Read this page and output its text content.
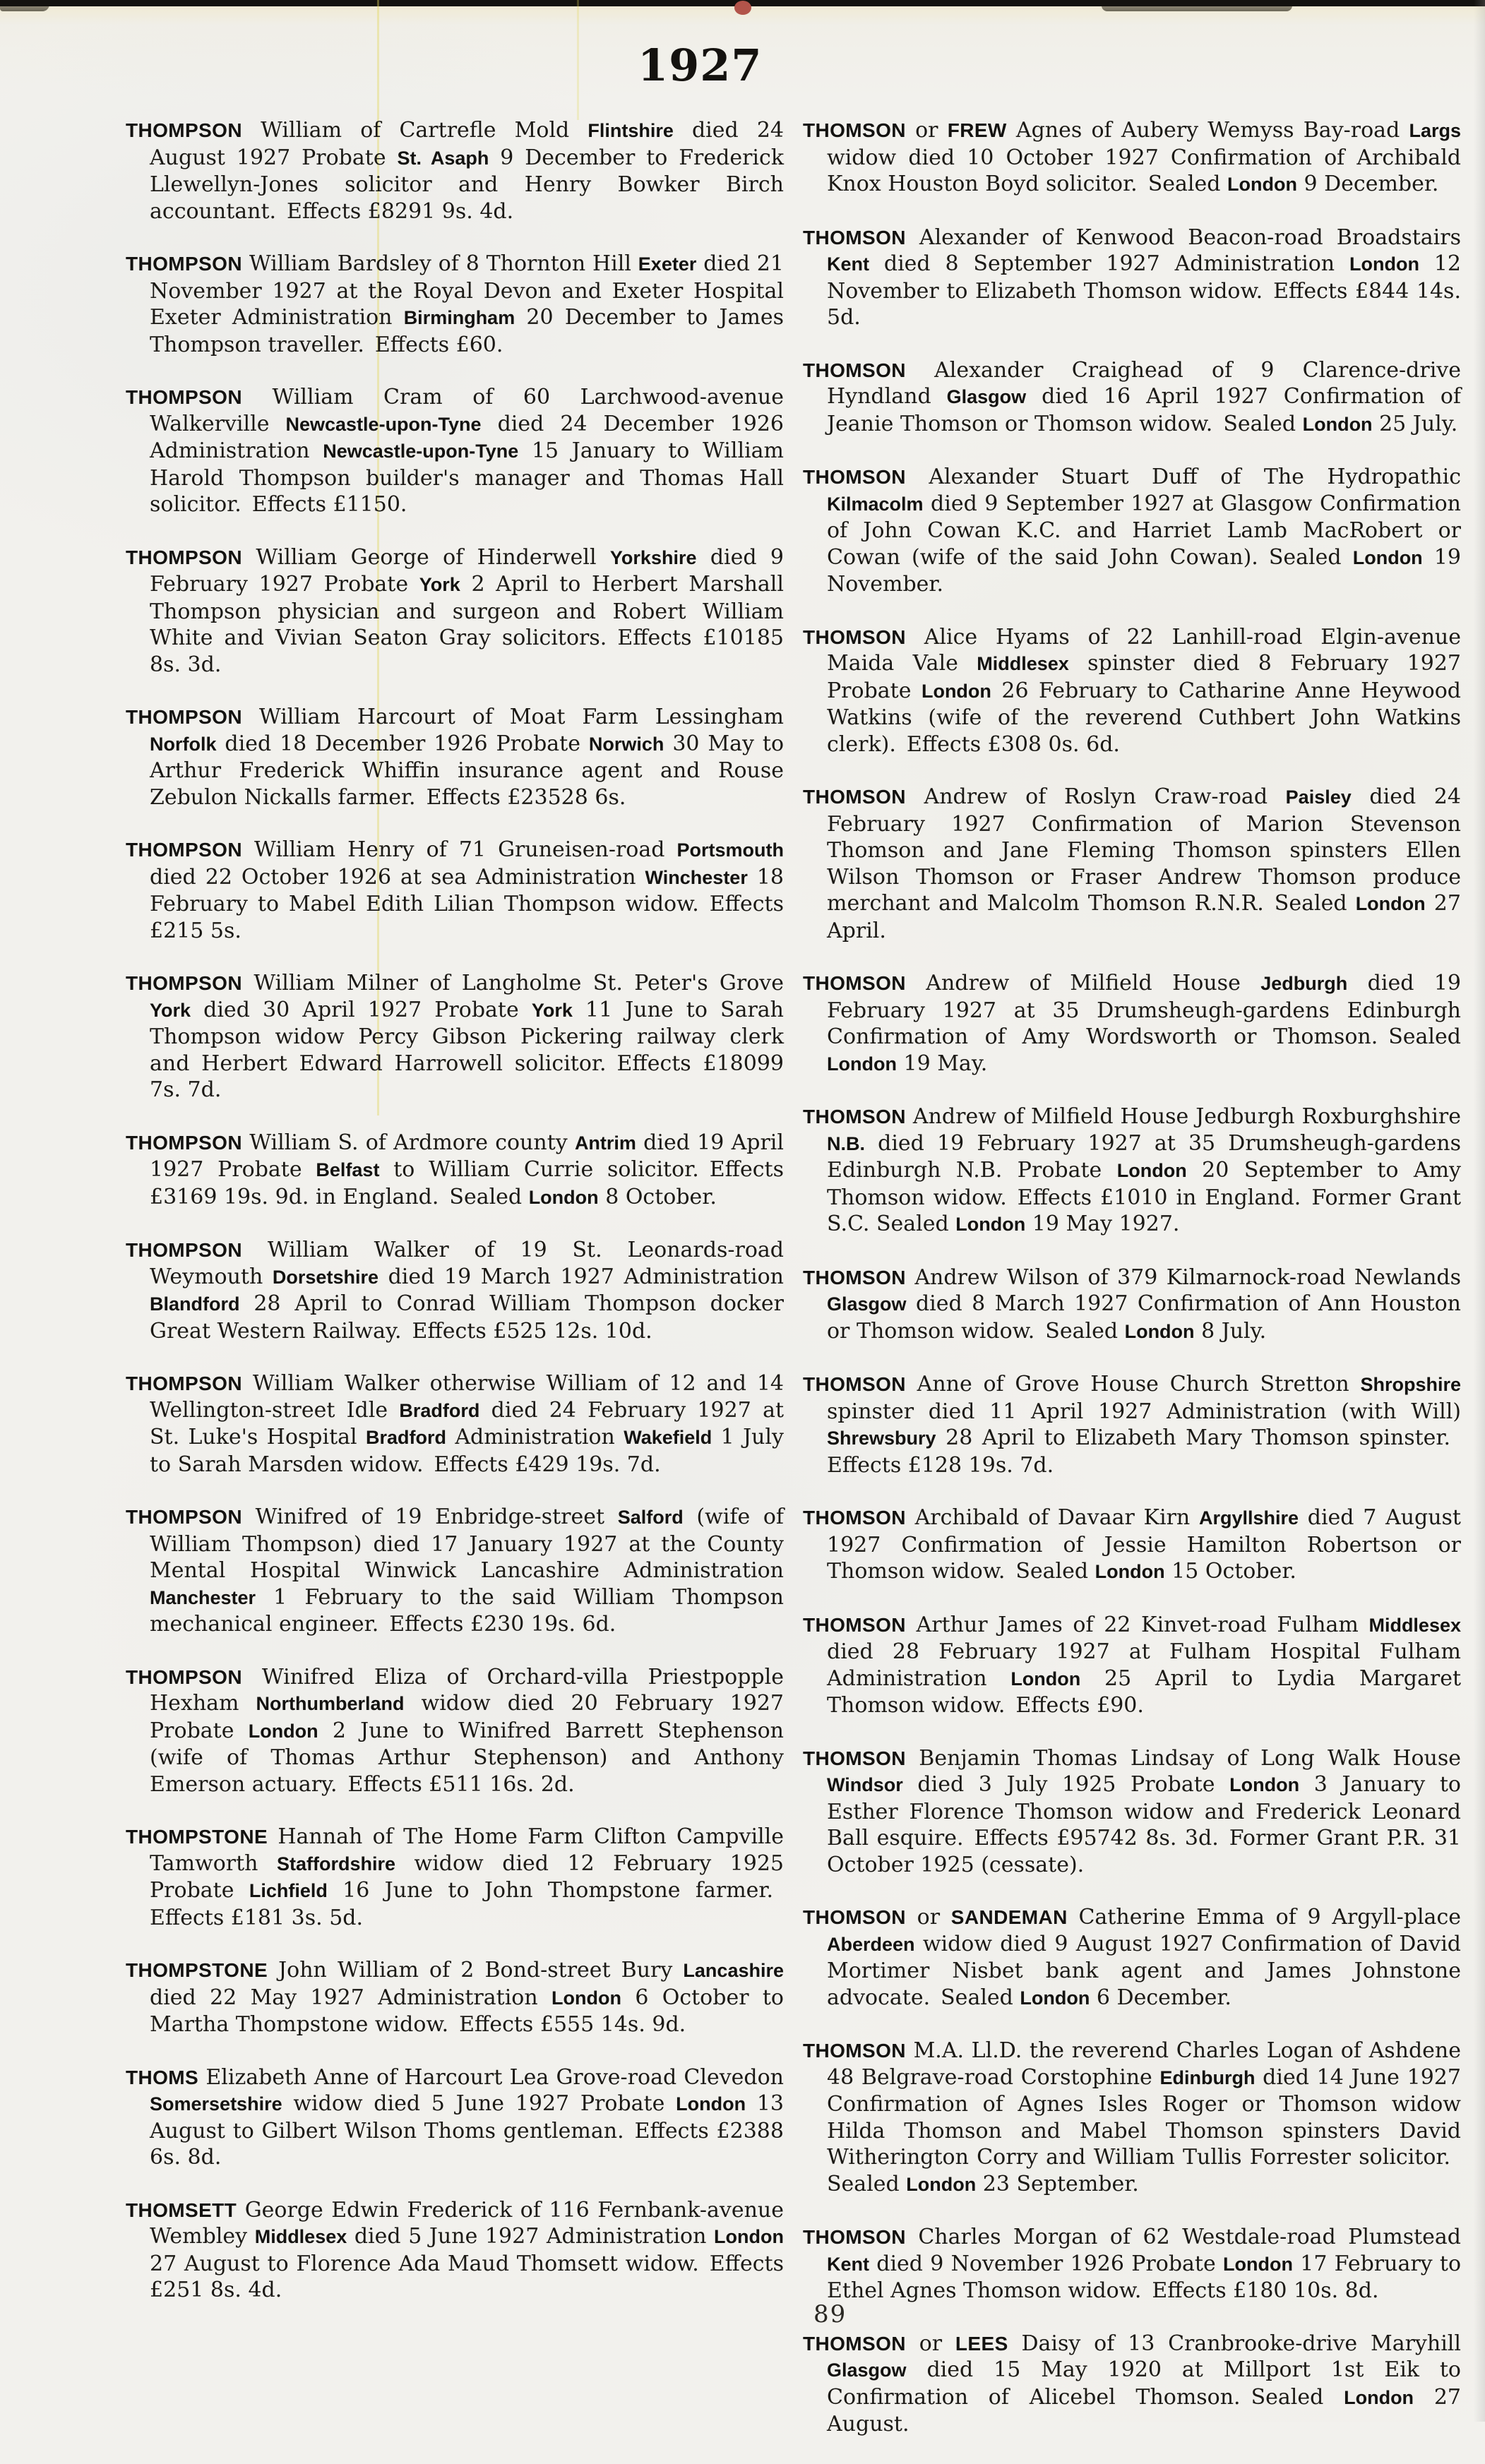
1927

THOMPSON William of Cartrefle Mold Flintshire died 24 August 1927 Probate St. Asaph 9 December to Frederick Llewellyn-Jones solicitor and Henry Bowker Birch accountant. Effects £8291 9s. 4d.

THOMPSON William Bardsley of 8 Thornton Hill Exeter died 21 November 1927 at the Royal Devon and Exeter Hospital Exeter Administration Birmingham 20 December to James Thompson traveller. Effects £60.

THOMPSON William Cram of 60 Larchwood-avenue Walkerville Newcastle-upon-Tyne died 24 December 1926 Administration Newcastle-upon-Tyne 15 January to William Harold Thompson builder's manager and Thomas Hall solicitor. Effects £1150.

THOMPSON William George of Hinderwell Yorkshire died 9 February 1927 Probate York 2 April to Herbert Marshall Thompson physician and surgeon and Robert William White and Vivian Seaton Gray solicitors. Effects £10185 8s. 3d.

THOMPSON William Harcourt of Moat Farm Lessingham Norfolk died 18 December 1926 Probate Norwich 30 May to Arthur Frederick Whiffin insurance agent and Rouse Zebulon Nickalls farmer. Effects £23528 6s.

THOMPSON William Henry of 71 Gruneisen-road Portsmouth died 22 October 1926 at sea Administration Winchester 18 February to Mabel Edith Lilian Thompson widow. Effects £215 5s.

THOMPSON William Milner of Langholme St. Peter's Grove York died 30 April 1927 Probate York 11 June to Sarah Thompson widow Percy Gibson Pickering railway clerk and Herbert Edward Harrowell solicitor. Effects £18099 7s. 7d.

THOMPSON William S. of Ardmore county Antrim died 19 April 1927 Probate Belfast to William Currie solicitor. Effects £3169 19s. 9d. in England. Sealed London 8 October.

THOMPSON William Walker of 19 St. Leonards-road Weymouth Dorsetshire died 19 March 1927 Administration Blandford 28 April to Conrad William Thompson docker Great Western Railway. Effects £525 12s. 10d.

THOMPSON William Walker otherwise William of 12 and 14 Wellington-street Idle Bradford died 24 February 1927 at St. Luke's Hospital Bradford Administration Wakefield 1 July to Sarah Marsden widow. Effects £429 19s. 7d.

THOMPSON Winifred of 19 Enbridge-street Salford (wife of William Thompson) died 17 January 1927 at the County Mental Hospital Winwick Lancashire Administration Manchester 1 February to the said William Thompson mechanical engineer. Effects £230 19s. 6d.

THOMPSON Winifred Eliza of Orchard-villa Priestpopple Hexham Northumberland widow died 20 February 1927 Probate London 2 June to Winifred Barrett Stephenson (wife of Thomas Arthur Stephenson) and Anthony Emerson actuary. Effects £511 16s. 2d.

THOMPSTONE Hannah of The Home Farm Clifton Campville Tamworth Staffordshire widow died 12 February 1925 Probate Lichfield 16 June to John Thompstone farmer. Effects £181 3s. 5d.

THOMPSTONE John William of 2 Bond-street Bury Lancashire died 22 May 1927 Administration London 6 October to Martha Thompstone widow. Effects £555 14s. 9d.

THOMS Elizabeth Anne of Harcourt Lea Grove-road Clevedon Somersetshire widow died 5 June 1927 Probate London 13 August to Gilbert Wilson Thoms gentleman. Effects £2388 6s. 8d.

THOMSETT George Edwin Frederick of 116 Fernbank-avenue Wembley Middlesex died 5 June 1927 Administration London 27 August to Florence Ada Maud Thomsett widow. Effects £251 8s. 4d.

THOMSON or FREW Agnes of Aubery Wemyss Bay-road Largs widow died 10 October 1927 Confirmation of Archibald Knox Houston Boyd solicitor. Sealed London 9 December.

THOMSON Alexander of Kenwood Beacon-road Broadstairs Kent died 8 September 1927 Administration London 12 November to Elizabeth Thomson widow. Effects £844 14s. 5d.

THOMSON Alexander Craighead of 9 Clarence-drive Hyndland Glasgow died 16 April 1927 Confirmation of Jeanie Thomson or Thomson widow. Sealed London 25 July.

THOMSON Alexander Stuart Duff of The Hydropathic Kilmacolm died 9 September 1927 at Glasgow Confirmation of John Cowan K.C. and Harriet Lamb MacRobert or Cowan (wife of the said John Cowan). Sealed London 19 November.

THOMSON Alice Hyams of 22 Lanhill-road Elgin-avenue Maida Vale Middlesex spinster died 8 February 1927 Probate London 26 February to Catharine Anne Heywood Watkins (wife of the reverend Cuthbert John Watkins clerk). Effects £308 0s. 6d.

THOMSON Andrew of Roslyn Craw-road Paisley died 24 February 1927 Confirmation of Marion Stevenson Thomson and Jane Fleming Thomson spinsters Ellen Wilson Thomson or Fraser Andrew Thomson produce merchant and Malcolm Thomson R.N.R. Sealed London 27 April.

THOMSON Andrew of Milfield House Jedburgh died 19 February 1927 at 35 Drumsheugh-gardens Edinburgh Confirmation of Amy Wordsworth or Thomson. Sealed London 19 May.

THOMSON Andrew of Milfield House Jedburgh Roxburghshire N.B. died 19 February 1927 at 35 Drumsheugh-gardens Edinburgh N.B. Probate London 20 September to Amy Thomson widow. Effects £1010 in England. Former Grant S.C. Sealed London 19 May 1927.

THOMSON Andrew Wilson of 379 Kilmarnock-road Newlands Glasgow died 8 March 1927 Confirmation of Ann Houston or Thomson widow. Sealed London 8 July.

THOMSON Anne of Grove House Church Stretton Shropshire spinster died 11 April 1927 Administration (with Will) Shrewsbury 28 April to Elizabeth Mary Thomson spinster. Effects £128 19s. 7d.

THOMSON Archibald of Davaar Kirn Argyllshire died 7 August 1927 Confirmation of Jessie Hamilton Robertson or Thomson widow. Sealed London 15 October.

THOMSON Arthur James of 22 Kinvet-road Fulham Middlesex died 28 February 1927 at Fulham Hospital Fulham Administration London 25 April to Lydia Margaret Thomson widow. Effects £90.

THOMSON Benjamin Thomas Lindsay of Long Walk House Windsor died 3 July 1925 Probate London 3 January to Esther Florence Thomson widow and Frederick Leonard Ball esquire. Effects £95742 8s. 3d. Former Grant P.R. 31 October 1925 (cessate).

THOMSON or SANDEMAN Catherine Emma of 9 Argyll-place Aberdeen widow died 9 August 1927 Confirmation of David Mortimer Nisbet bank agent and James Johnstone advocate. Sealed London 6 December.

THOMSON M.A. Ll.D. the reverend Charles Logan of Ashdene 48 Belgrave-road Corstophine Edinburgh died 14 June 1927 Confirmation of Agnes Isles Roger or Thomson widow Hilda Thomson and Mabel Thomson spinsters David Witherington Corry and William Tullis Forrester solicitor. Sealed London 23 September.

THOMSON Charles Morgan of 62 Westdale-road Plumstead Kent died 9 November 1926 Probate London 17 February to Ethel Agnes Thomson widow. Effects £180 10s. 8d.

THOMSON or LEES Daisy of 13 Cranbrooke-drive Maryhill Glasgow died 15 May 1920 at Millport 1st Eik to Confirmation of Alicebel Thomson. Sealed London 27 August.

89
